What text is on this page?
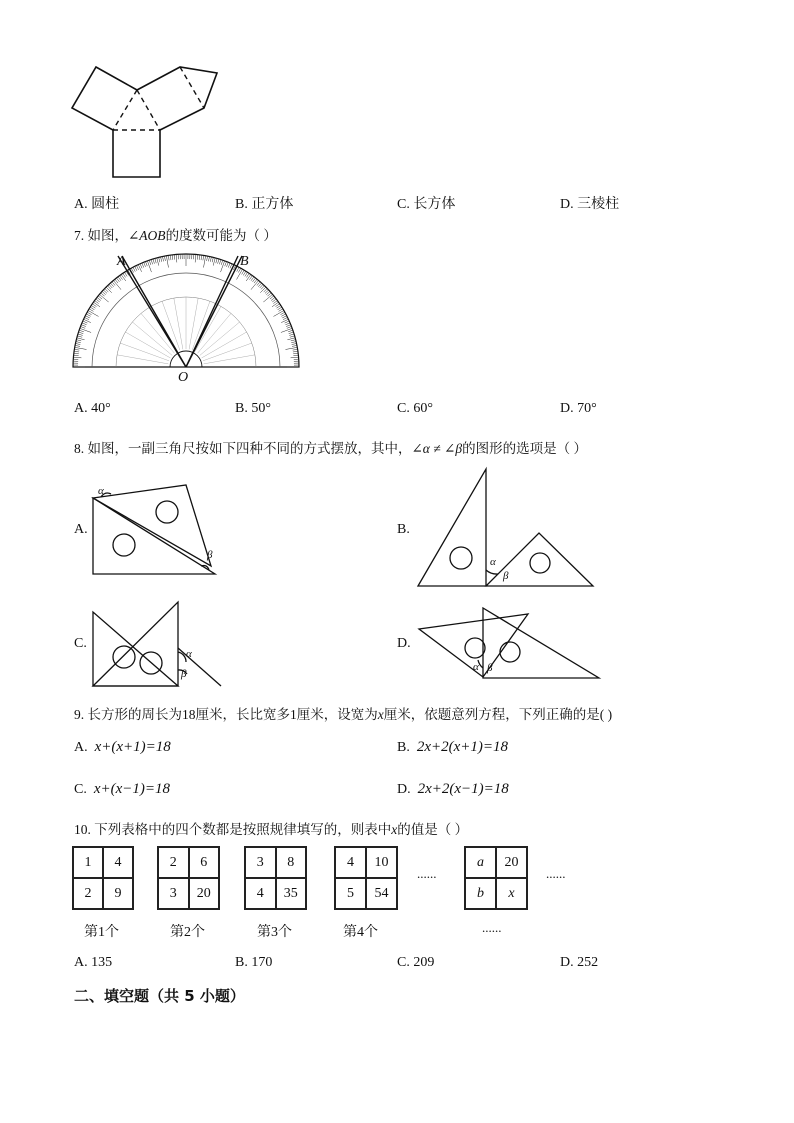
A. 圆柱	B. 正方体	C. 长方体	D. 三棱柱
7. 如图，∠AOB的度数可能为（ ）
A	B
O
A. 40°	B. 50°	C. 60°	D. 70°
8. 如图，一副三角尺按如下四种不同的方式摆放，其中，∠α ≠ ∠β的图形的选项是（ ）
A.	B.
C.	D.
α
β
α
β
α
β
α β
9. 长方形的周长为18厘米，长比宽多1厘米，设宽为x厘米，依题意列方程，下列正确的是( )
A. x+(x+1)=18	B. 2x+2(x+1)=18
C. x+(x−1)=18	D. 2x+2(x−1)=18
10. 下列表格中的四个数都是按照规律填写的，则表中x的值是（ ）
1	4
2	9
2	6
3	20
3	8
4	35
4	10
5	54
......
a	20
b	x
......
第1个	第2个	第3个	第4个	......
A. 135	B. 170	C. 209	D. 252
二、填空题（共 5 小题）
